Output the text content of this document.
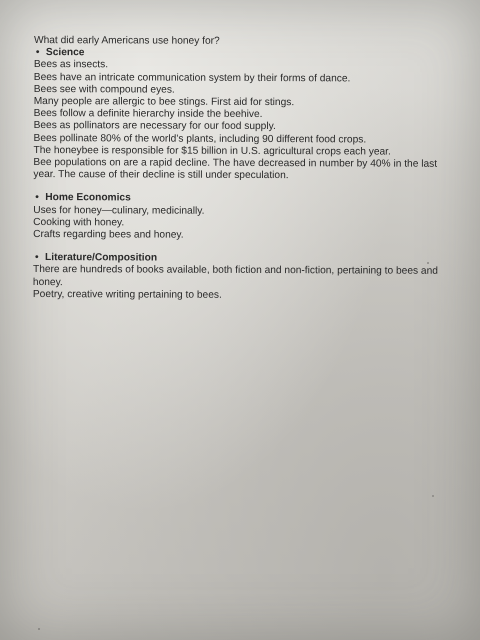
What did early Americans use honey for?
• Science
Bees as insects.
Bees have an intricate communication system by their forms of dance.
Bees see with compound eyes.
Many people are allergic to bee stings. First aid for stings.
Bees follow a definite hierarchy inside the beehive.
Bees as pollinators are necessary for our food supply.
Bees pollinate 80% of the world’s plants, including 90 different food crops.
The honeybee is responsible for $15 billion in U.S. agricultural crops each year.
Bee populations on are a rapid decline. The have decreased in number by 40% in the last year. The cause of their decline is still under speculation.
• Home Economics
Uses for honey—culinary, medicinally.
Cooking with honey.
Crafts regarding bees and honey.
• Literature/Composition
There are hundreds of books available, both fiction and non-fiction, pertaining to bees and honey.
Poetry, creative writing pertaining to bees.
